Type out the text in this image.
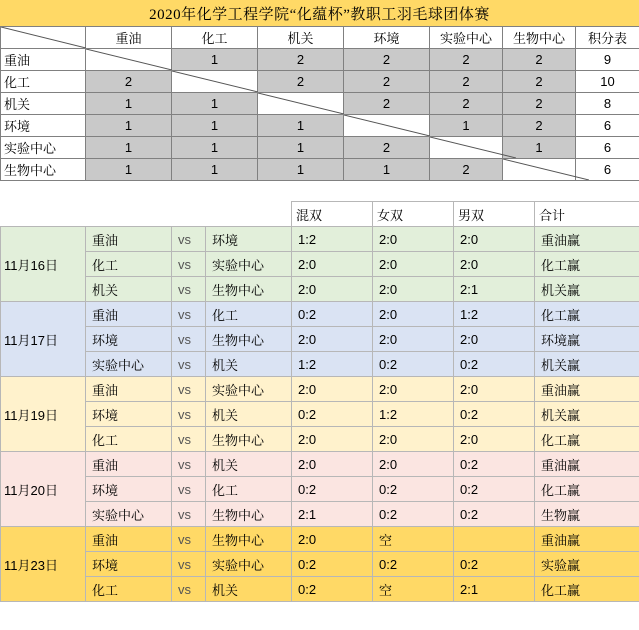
2020年化学工程学院“化蕴杯”教职工羽毛球团体赛
	重油	化工	机关	环境	实验中心	生物中心	积分表
重油		1	2	2	2	2	9
化工	2		2	2	2	2	10
机关	1	1		2	2	2	8
环境	1	1	1		1	2	6
实验中心	1	1	1	2		1	6
生物中心	1	1	1	1	2		6
				混双	女双	男双	合计
11月16日	重油	vs	环境	1:2	2:0	2:0	重油赢
	化工	vs	实验中心	2:0	2:0	2:0	化工赢
	机关	vs	生物中心	2:0	2:0	2:1	机关赢
11月17日	重油	vs	化工	0:2	2:0	1:2	化工赢
	环境	vs	生物中心	2:0	2:0	2:0	环境赢
	实验中心	vs	机关	1:2	0:2	0:2	机关赢
11月19日	重油	vs	实验中心	2:0	2:0	2:0	重油赢
	环境	vs	机关	0:2	1:2	0:2	机关赢
	化工	vs	生物中心	2:0	2:0	2:0	化工赢
11月20日	重油	vs	机关	2:0	2:0	0:2	重油赢
	环境	vs	化工	0:2	0:2	0:2	化工赢
	实验中心	vs	生物中心	2:1	0:2	0:2	生物赢
11月23日	重油	vs	生物中心	2:0	空		重油赢
	环境	vs	实验中心	0:2	0:2	0:2	实验赢
	化工	vs	机关	0:2	空	2:1	化工赢
